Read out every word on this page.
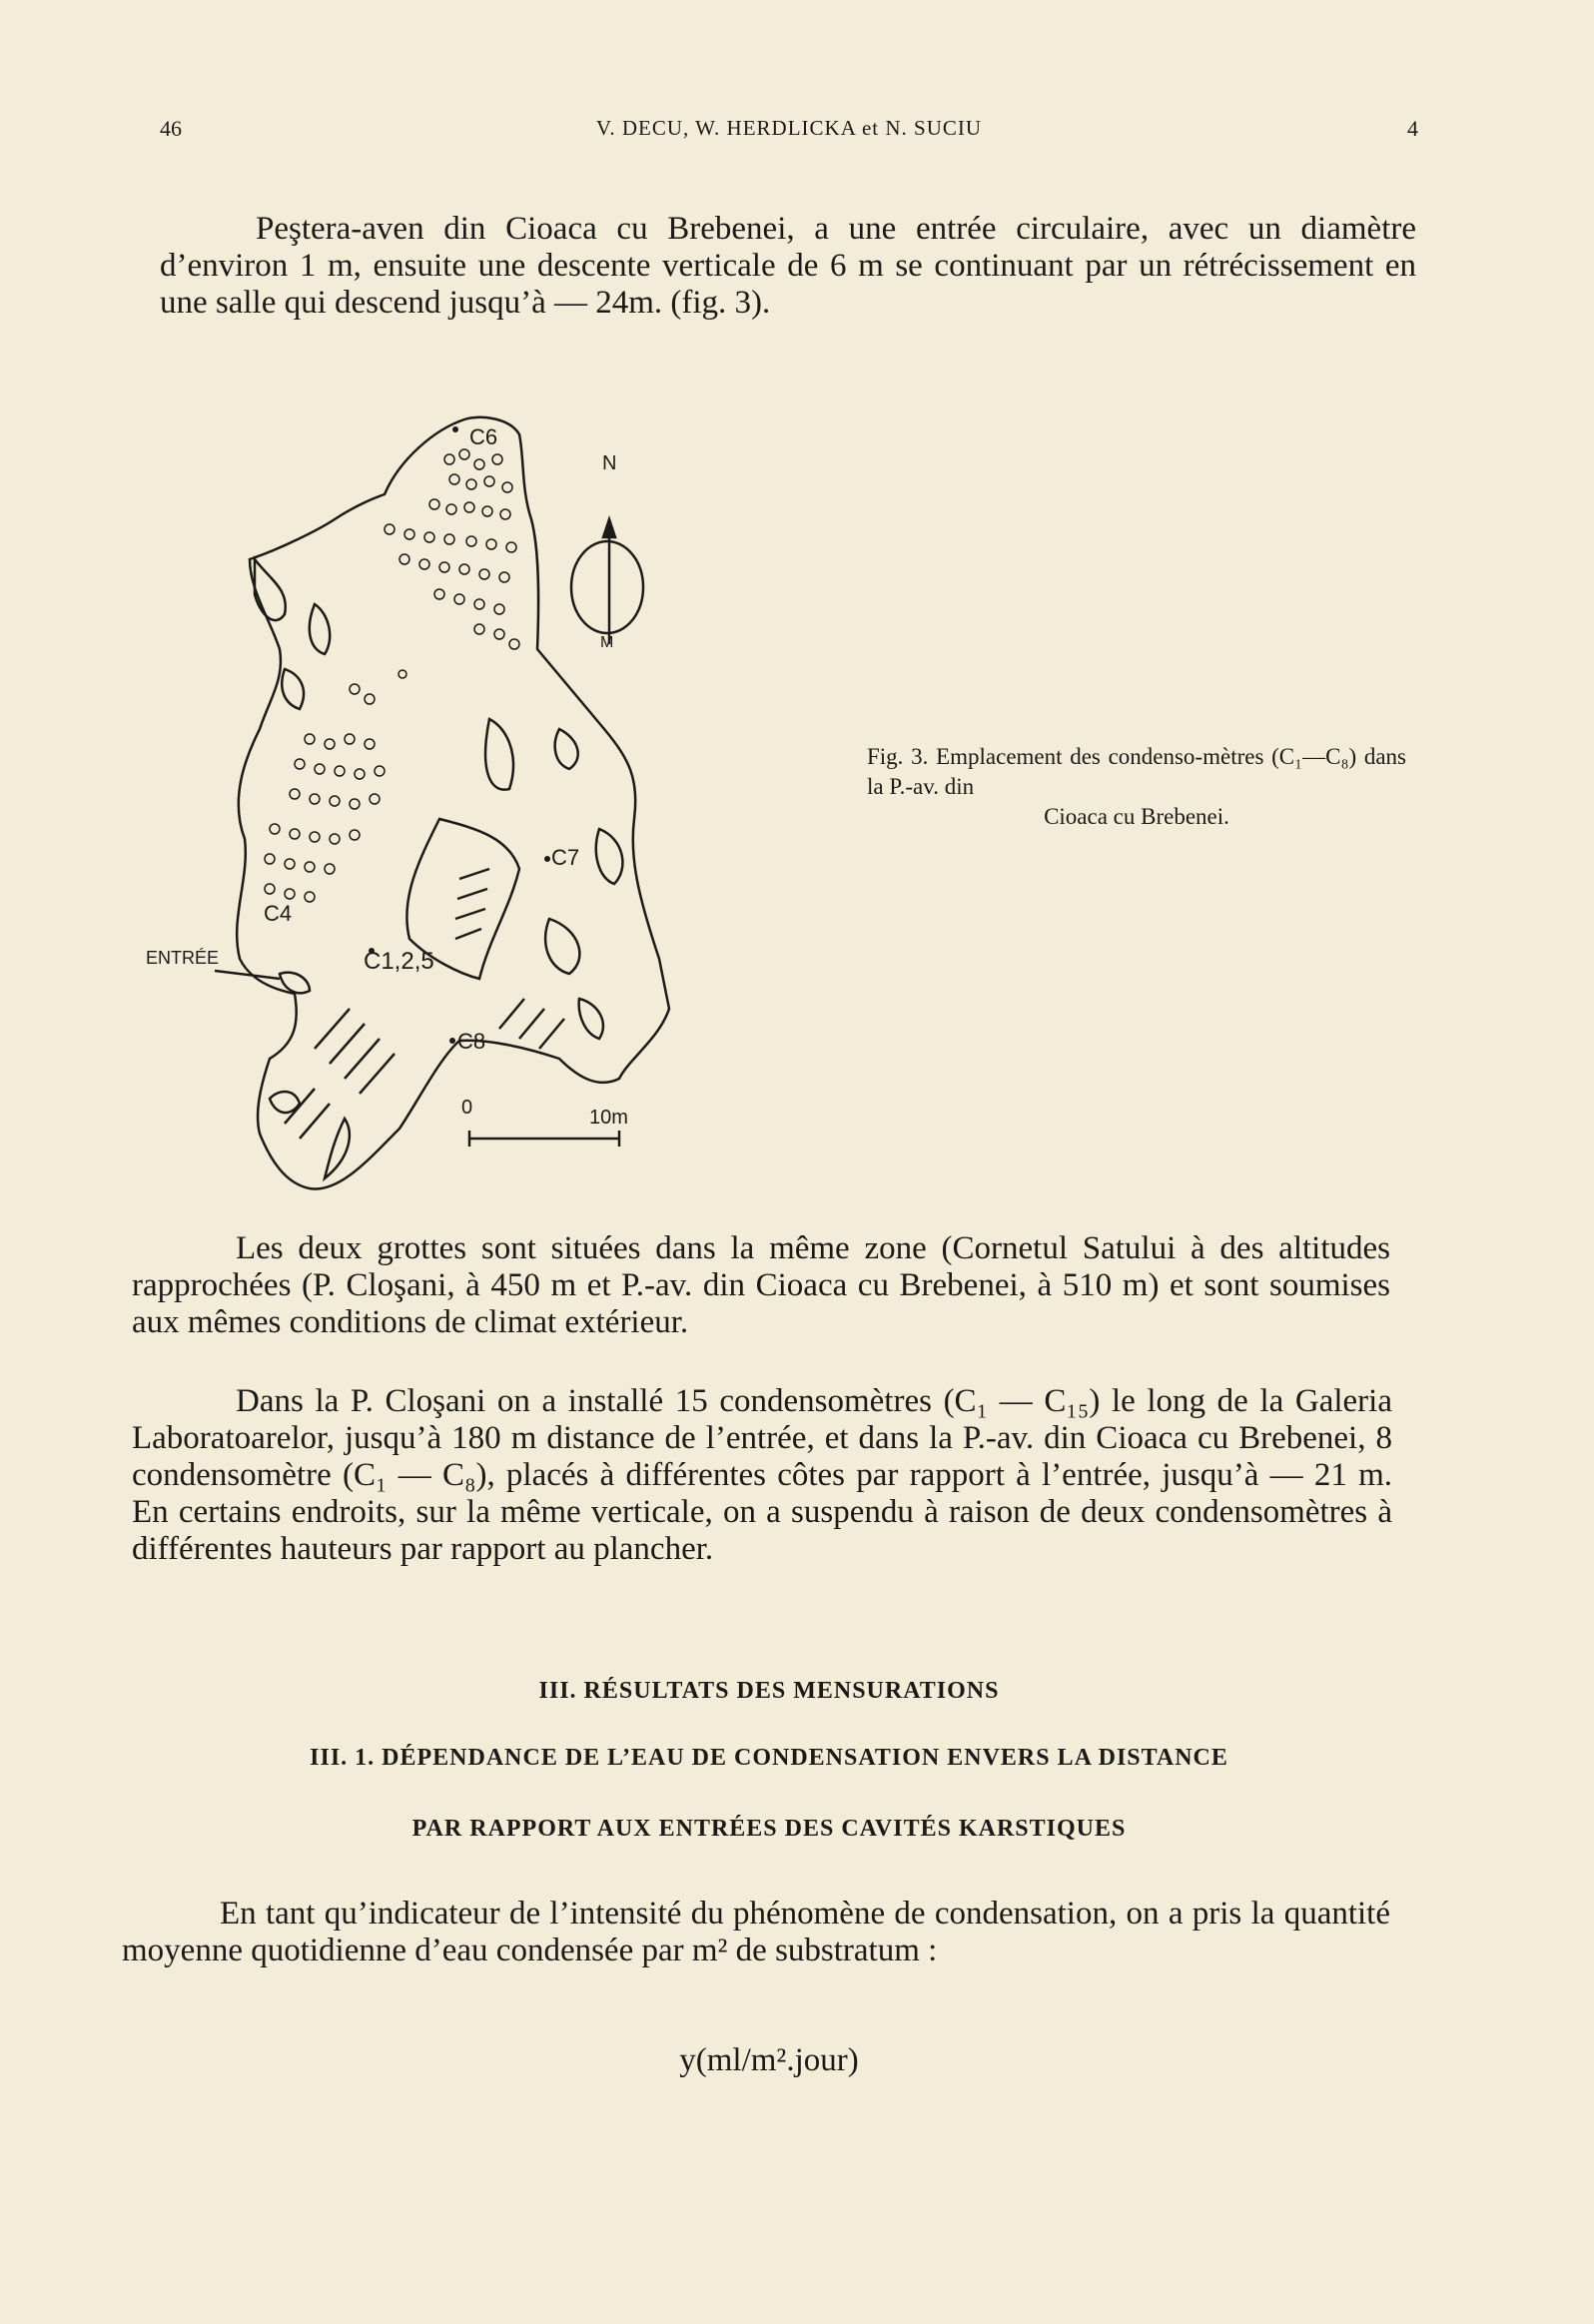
46	V. DECU, W. HERDLICKA et N. SUCIU	4

Peştera-aven din Cioaca cu Brebenei, a une entrée circulaire, avec un diamètre d’environ 1 m, ensuite une descente verticale de 6 m se continuant par un rétrécissement en une salle qui descend jusqu’à — 24m. (fig. 3).

C6
N
M
C7
C4
ENTRÉE	C1,2,5
C8
0	10m

Fig. 3. Emplacement des condenso-mètres (C₁—C₈) dans la P.-av. din
Cioaca cu Brebenei.

Les deux grottes sont situées dans la même zone (Cornetul Satului à des altitudes rapprochées (P. Cloşani, à 450 m et P.-av. din Cioaca cu Brebenei, à 510 m) et sont soumises aux mêmes conditions de climat extérieur.

Dans la P. Cloşani on a installé 15 condensomètres (C₁ — C₁₅) le long de la Galeria Laboratoarelor, jusqu’à 180 m distance de l’entrée, et dans la P.-av. din Cioaca cu Brebenei, 8 condensomètre (C₁ — C₈), placés à différentes côtes par rapport à l’entrée, jusqu’à — 21 m. En certains endroits, sur la même verticale, on a suspendu à raison de deux condensomètres à différentes hauteurs par rapport au plancher.

III. RÉSULTATS DES MENSURATIONS
III. 1. DÉPENDANCE DE L’EAU DE CONDENSATION ENVERS LA DISTANCE
PAR RAPPORT AUX ENTRÉES DES CAVITÉS KARSTIQUES

En tant qu’indicateur de l’intensité du phénomène de condensation, on a pris la quantité moyenne quotidienne d’eau condensée par m² de substratum :

y(ml/m².jour)
